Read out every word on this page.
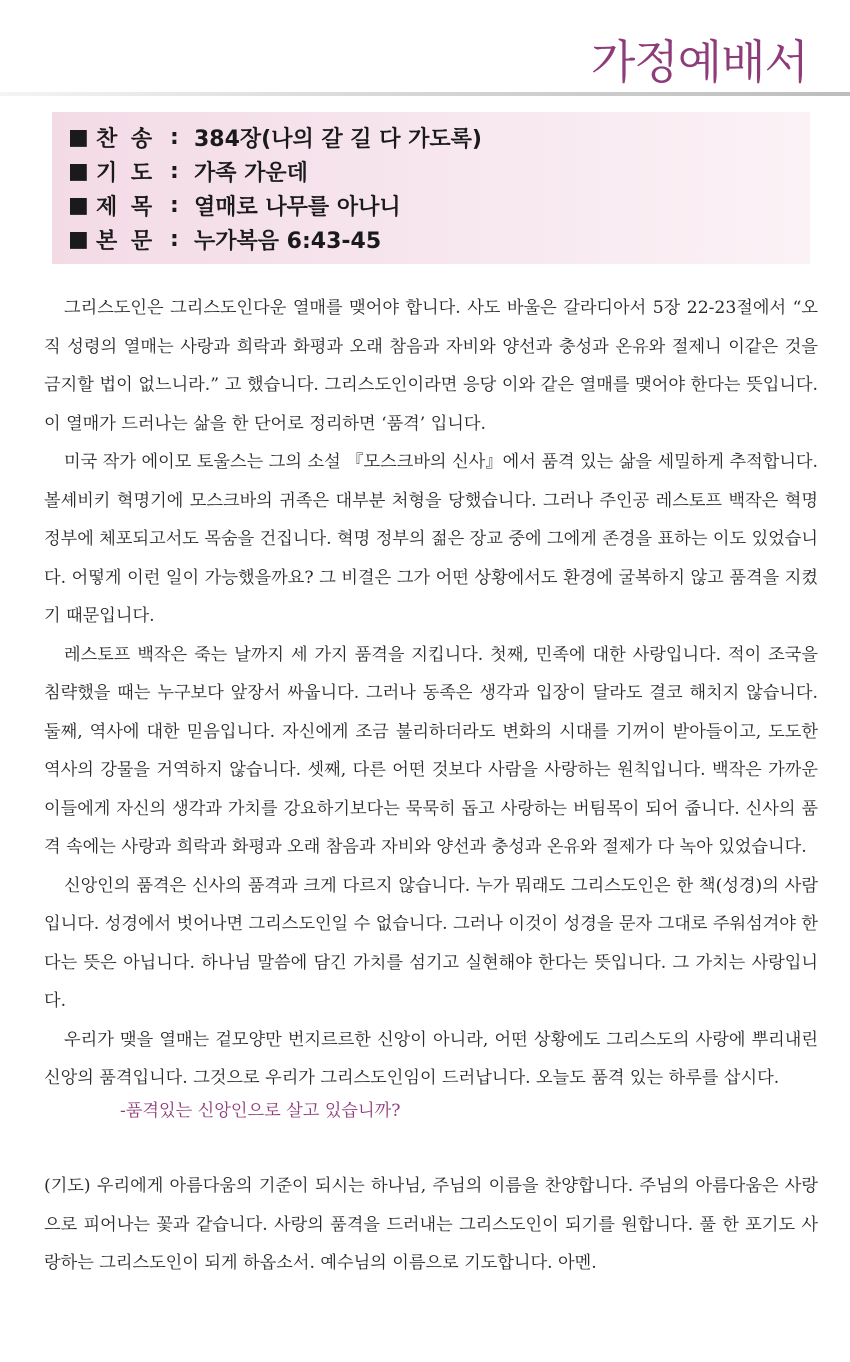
가정예배서
■ 찬 송 : 384장(나의 갈 길 다 가도록)
■ 기 도 : 가족 가운데
■ 제 목 : 열매로 나무를 아나니
■ 본 문 : 누가복음 6:43-45

그리스도인은 그리스도인다운 열매를 맺어야 합니다. 사도 바울은 갈라디아서 5장 22-23절에서 “오직 성령의 열매는 사랑과 희락과 화평과 오래 참음과 자비와 양선과 충성과 온유와 절제니 이같은 것을 금지할 법이 없느니라.” 고 했습니다. 그리스도인이라면 응당 이와 같은 열매를 맺어야 한다는 뜻입니다. 이 열매가 드러나는 삶을 한 단어로 정리하면 ‘품격’ 입니다.

미국 작가 에이모 토울스는 그의 소설 『모스크바의 신사』에서 품격 있는 삶을 세밀하게 추적합니다. 볼셰비키 혁명기에 모스크바의 귀족은 대부분 처형을 당했습니다. 그러나 주인공 레스토프 백작은 혁명 정부에 체포되고서도 목숨을 건집니다. 혁명 정부의 젊은 장교 중에 그에게 존경을 표하는 이도 있었습니다. 어떻게 이런 일이 가능했을까요? 그 비결은 그가 어떤 상황에서도 환경에 굴복하지 않고 품격을 지켰기 때문입니다.

레스토프 백작은 죽는 날까지 세 가지 품격을 지킵니다. 첫째, 민족에 대한 사랑입니다. 적이 조국을 침략했을 때는 누구보다 앞장서 싸웁니다. 그러나 동족은 생각과 입장이 달라도 결코 해치지 않습니다. 둘째, 역사에 대한 믿음입니다. 자신에게 조금 불리하더라도 변화의 시대를 기꺼이 받아들이고, 도도한 역사의 강물을 거역하지 않습니다. 셋째, 다른 어떤 것보다 사람을 사랑하는 원칙입니다. 백작은 가까운 이들에게 자신의 생각과 가치를 강요하기보다는 묵묵히 돕고 사랑하는 버팀목이 되어 줍니다. 신사의 품격 속에는 사랑과 희락과 화평과 오래 참음과 자비와 양선과 충성과 온유와 절제가 다 녹아 있었습니다.

신앙인의 품격은 신사의 품격과 크게 다르지 않습니다. 누가 뭐래도 그리스도인은 한 책(성경)의 사람입니다. 성경에서 벗어나면 그리스도인일 수 없습니다. 그러나 이것이 성경을 문자 그대로 주워섬겨야 한다는 뜻은 아닙니다. 하나님 말씀에 담긴 가치를 섬기고 실현해야 한다는 뜻입니다. 그 가치는 사랑입니다.

우리가 맺을 열매는 겉모양만 번지르르한 신앙이 아니라, 어떤 상황에도 그리스도의 사랑에 뿌리내린 신앙의 품격입니다. 그것으로 우리가 그리스도인임이 드러납니다. 오늘도 품격 있는 하루를 삽시다.

-품격있는 신앙인으로 살고 있습니까?

(기도) 우리에게 아름다움의 기준이 되시는 하나님, 주님의 이름을 찬양합니다. 주님의 아름다움은 사랑으로 피어나는 꽃과 같습니다. 사랑의 품격을 드러내는 그리스도인이 되기를 원합니다. 풀 한 포기도 사랑하는 그리스도인이 되게 하옵소서. 예수님의 이름으로 기도합니다. 아멘.
